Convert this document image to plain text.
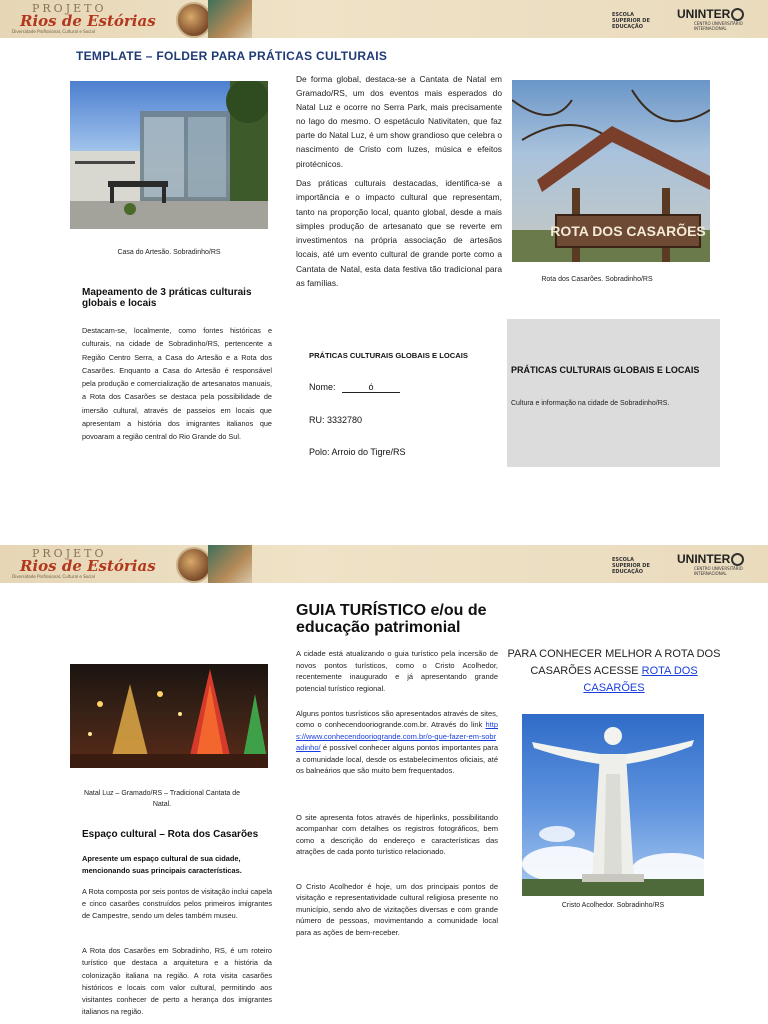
PROJETO
Rios de Estórias
Diversidade Profissional, Cultural e Social
ESCOLA SUPERIOR DE EDUCAÇÃO
UNINTER
CENTRO UNIVERSITÁRIO INTERNACIONAL
TEMPLATE – FOLDER PARA PRÁTICAS CULTURAIS
Casa do Artesão. Sobradinho/RS
Mapeamento de 3 práticas culturais globais e locais
Destacam-se, localmente, como fontes históricas e culturais, na cidade de Sobradinho/RS, pertencente a Região Centro Serra, a Casa do Artesão e a Rota dos Casarões. Enquanto a Casa do Artesão é responsável pela produção e comercialização de artesanatos manuais, a Rota dos Casarões se destaca pela possibilidade de imersão cultural, através de passeios em locais que apresentam a história dos imigrantes italianos que povoaram a região central do Rio Grande do Sul.
De forma global, destaca-se a Cantata de Natal em Gramado/RS, um dos eventos mais esperados do Natal Luz e ocorre no Serra Park, mais precisamente no lago do mesmo. O espetáculo Nativitaten, que faz parte do Natal Luz, é um show grandioso que celebra o nascimento de Cristo com luzes, música e efeitos pirotécnicos.
Das práticas culturais destacadas, identifica-se a importância e o impacto cultural que representam, tanto na proporção local, quanto global, desde a mais simples produção de artesanato que se reverte em investimentos na própria associação de artesãos locais, até um evento cultural de grande porte como a Cantata de Natal, esta data festiva tão tradicional para as famílias.
ROTA DOS CASARÕES
Rota dos Casarões. Sobradinho/RS
PRÁTICAS CULTURAIS GLOBAIS E LOCAIS
Nome:	ó
RU: 3332780
Polo: Arroio do Tigre/RS
PRÁTICAS CULTURAIS GLOBAIS E LOCAIS
Cultura e informação na cidade de Sobradinho/RS.
PROJETO
Rios de Estórias
Diversidade Profissional, Cultural e Social
ESCOLA SUPERIOR DE EDUCAÇÃO
UNINTER
CENTRO UNIVERSITÁRIO INTERNACIONAL
Natal Luz – Gramado/RS – Tradicional Cantata de Natal.
Espaço cultural – Rota dos Casarões
Apresente um espaço cultural de sua cidade, mencionando suas principais características.
A Rota composta por seis pontos de visitação inclui capela e cinco casarões construídos pelos primeiros imigrantes de Campestre, sendo um deles também museu.
A Rota dos Casarões em Sobradinho, RS, é um roteiro turístico que destaca a arquitetura e a história da colonização italiana na região. A rota visita casarões históricos e locais com valor cultural, permitindo aos visitantes conhecer de perto a herança dos imigrantes italianos na região.
GUIA TURÍSTICO e/ou de educação patrimonial
A cidade está atualizando o guia turístico pela incersão de novos pontos turísticos, como o Cristo Acolhedor, recentemente inaugurado e já apresentando grande potencial turístico regional.
Alguns pontos tusrísticos são apresentados através de sites, como o conhecendooriogrande.com.br. Através do link https://www.conhecendooriogrande.com.br/o-que-fazer-em-sobradinho/ é possível conhecer alguns pontos importantes para a comunidade local, desde os estabelecimentos oficiais, até os balneários que são muito bem frequentados.
O site apresenta fotos através de hiperlinks, possibilitando acompanhar com detalhes os registros fotográficos, bem como a descrição do endereço e características das atrações de cada ponto turístico relacionado.
O Cristo Acolhedor é hoje, um dos principais pontos de visitação e representatividade cultural religiosa presente no município, sendo alvo de vizitações diversas e com grande número de pessoas, movimentando a comunidade local para as ações de bem-receber.
PARA CONHECER MELHOR A ROTA DOS CASARÕES ACESSE ROTA DOS CASARÕES
Cristo Acolhedor. Sobradinho/RS
